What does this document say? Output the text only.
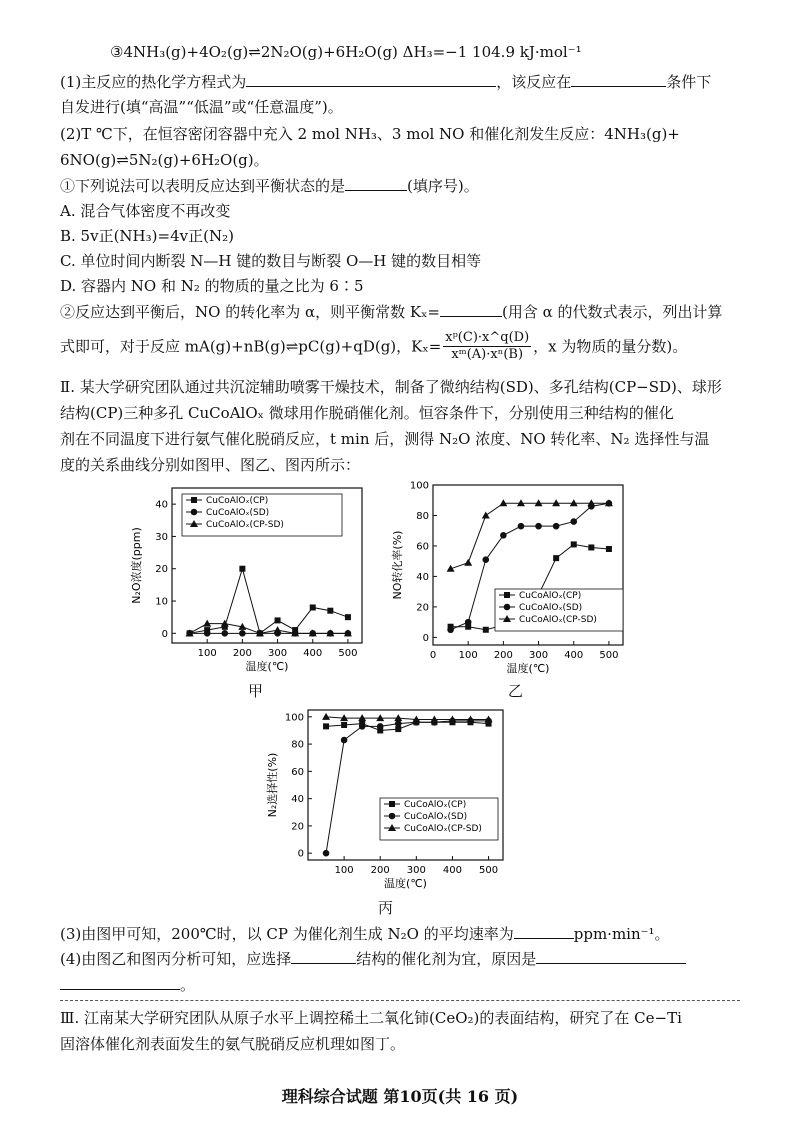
③4NH₃(g)+4O₂(g)⇌2N₂O(g)+6H₂O(g) ΔH₃=−1 104.9 kJ·mol⁻¹
(1)主反应的热化学方程式为	，该反应在	条件下
自发进行(填“高温”“低温”或“任意温度”)。
(2)T ℃下，在恒容密闭容器中充入 2 mol NH₃、3 mol NO 和催化剂发生反应：4NH₃(g)+
6NO(g)⇌5N₂(g)+6H₂O(g)。
①下列说法可以表明反应达到平衡状态的是	(填序号)。
A. 混合气体密度不再改变
B. 5v正(NH₃)=4v正(N₂)
C. 单位时间内断裂 N—H 键的数目与断裂 O—H 键的数目相等
D. 容器内 NO 和 N₂ 的物质的量之比为 6∶5
②反应达到平衡后，NO 的转化率为 α，则平衡常数 Kₓ=	(用含 α 的代数式表示，列出计算
式即可，对于反应 mA(g)+nB(g)⇌pC(g)+qD(g)，$K_x= \frac{\text{xᵖ(C)·x\textasciicircum{}q(D)}}{\text{xᵐ(A)·xⁿ(B)}}$ ，x 为物质的量分数)。
Ⅱ. 某大学研究团队通过共沉淀辅助喷雾干燥技术，制备了微纳结构(SD)、多孔结构(CP−SD)、球形
结构(CP)三种多孔 CuCoAlOₓ 微球用作脱硝催化剂。恒容条件下，分别使用三种结构的催化
剂在不同温度下进行氨气催化脱硝反应，t min 后，测得 N₂O 浓度、NO 转化率、N₂ 选择性与温
度的关系曲线分别如图甲、图乙、图丙所示：
100 200 300 400 500
0
10
20
30
40
温度(℃)
N₂O浓度(ppm)
CuCoAlOₓ(CP)
CuCoAlOₓ(SD)
CuCoAlOₓ(CP-SD)
甲
0 100 200 300 400 500
0
20
40
60
80
100
温度(℃)
NO转化率(%)	CuCoAlOₓ(CP)
CuCoAlOₓ(SD)
CuCoAlOₓ(CP-SD)
乙
100 200 300 400 500
0
20
40
60
80
100
温度(℃)
N₂选择性(%)	CuCoAlOₓ(CP)
CuCoAlOₓ(SD)
CuCoAlOₓ(CP-SD)
丙
(3)由图甲可知，200℃时，以 CP 为催化剂生成 N₂O 的平均速率为	ppm·min⁻¹。
(4)由图乙和图丙分析可知，应选择	结构的催化剂为宜，原因是
。
Ⅲ. 江南某大学研究团队从原子水平上调控稀土二氧化铈(CeO₂)的表面结构，研究了在 Ce−Ti
固溶体催化剂表面发生的氨气脱硝反应机理如图丁。
理科综合试题 第10页(共 16 页)
